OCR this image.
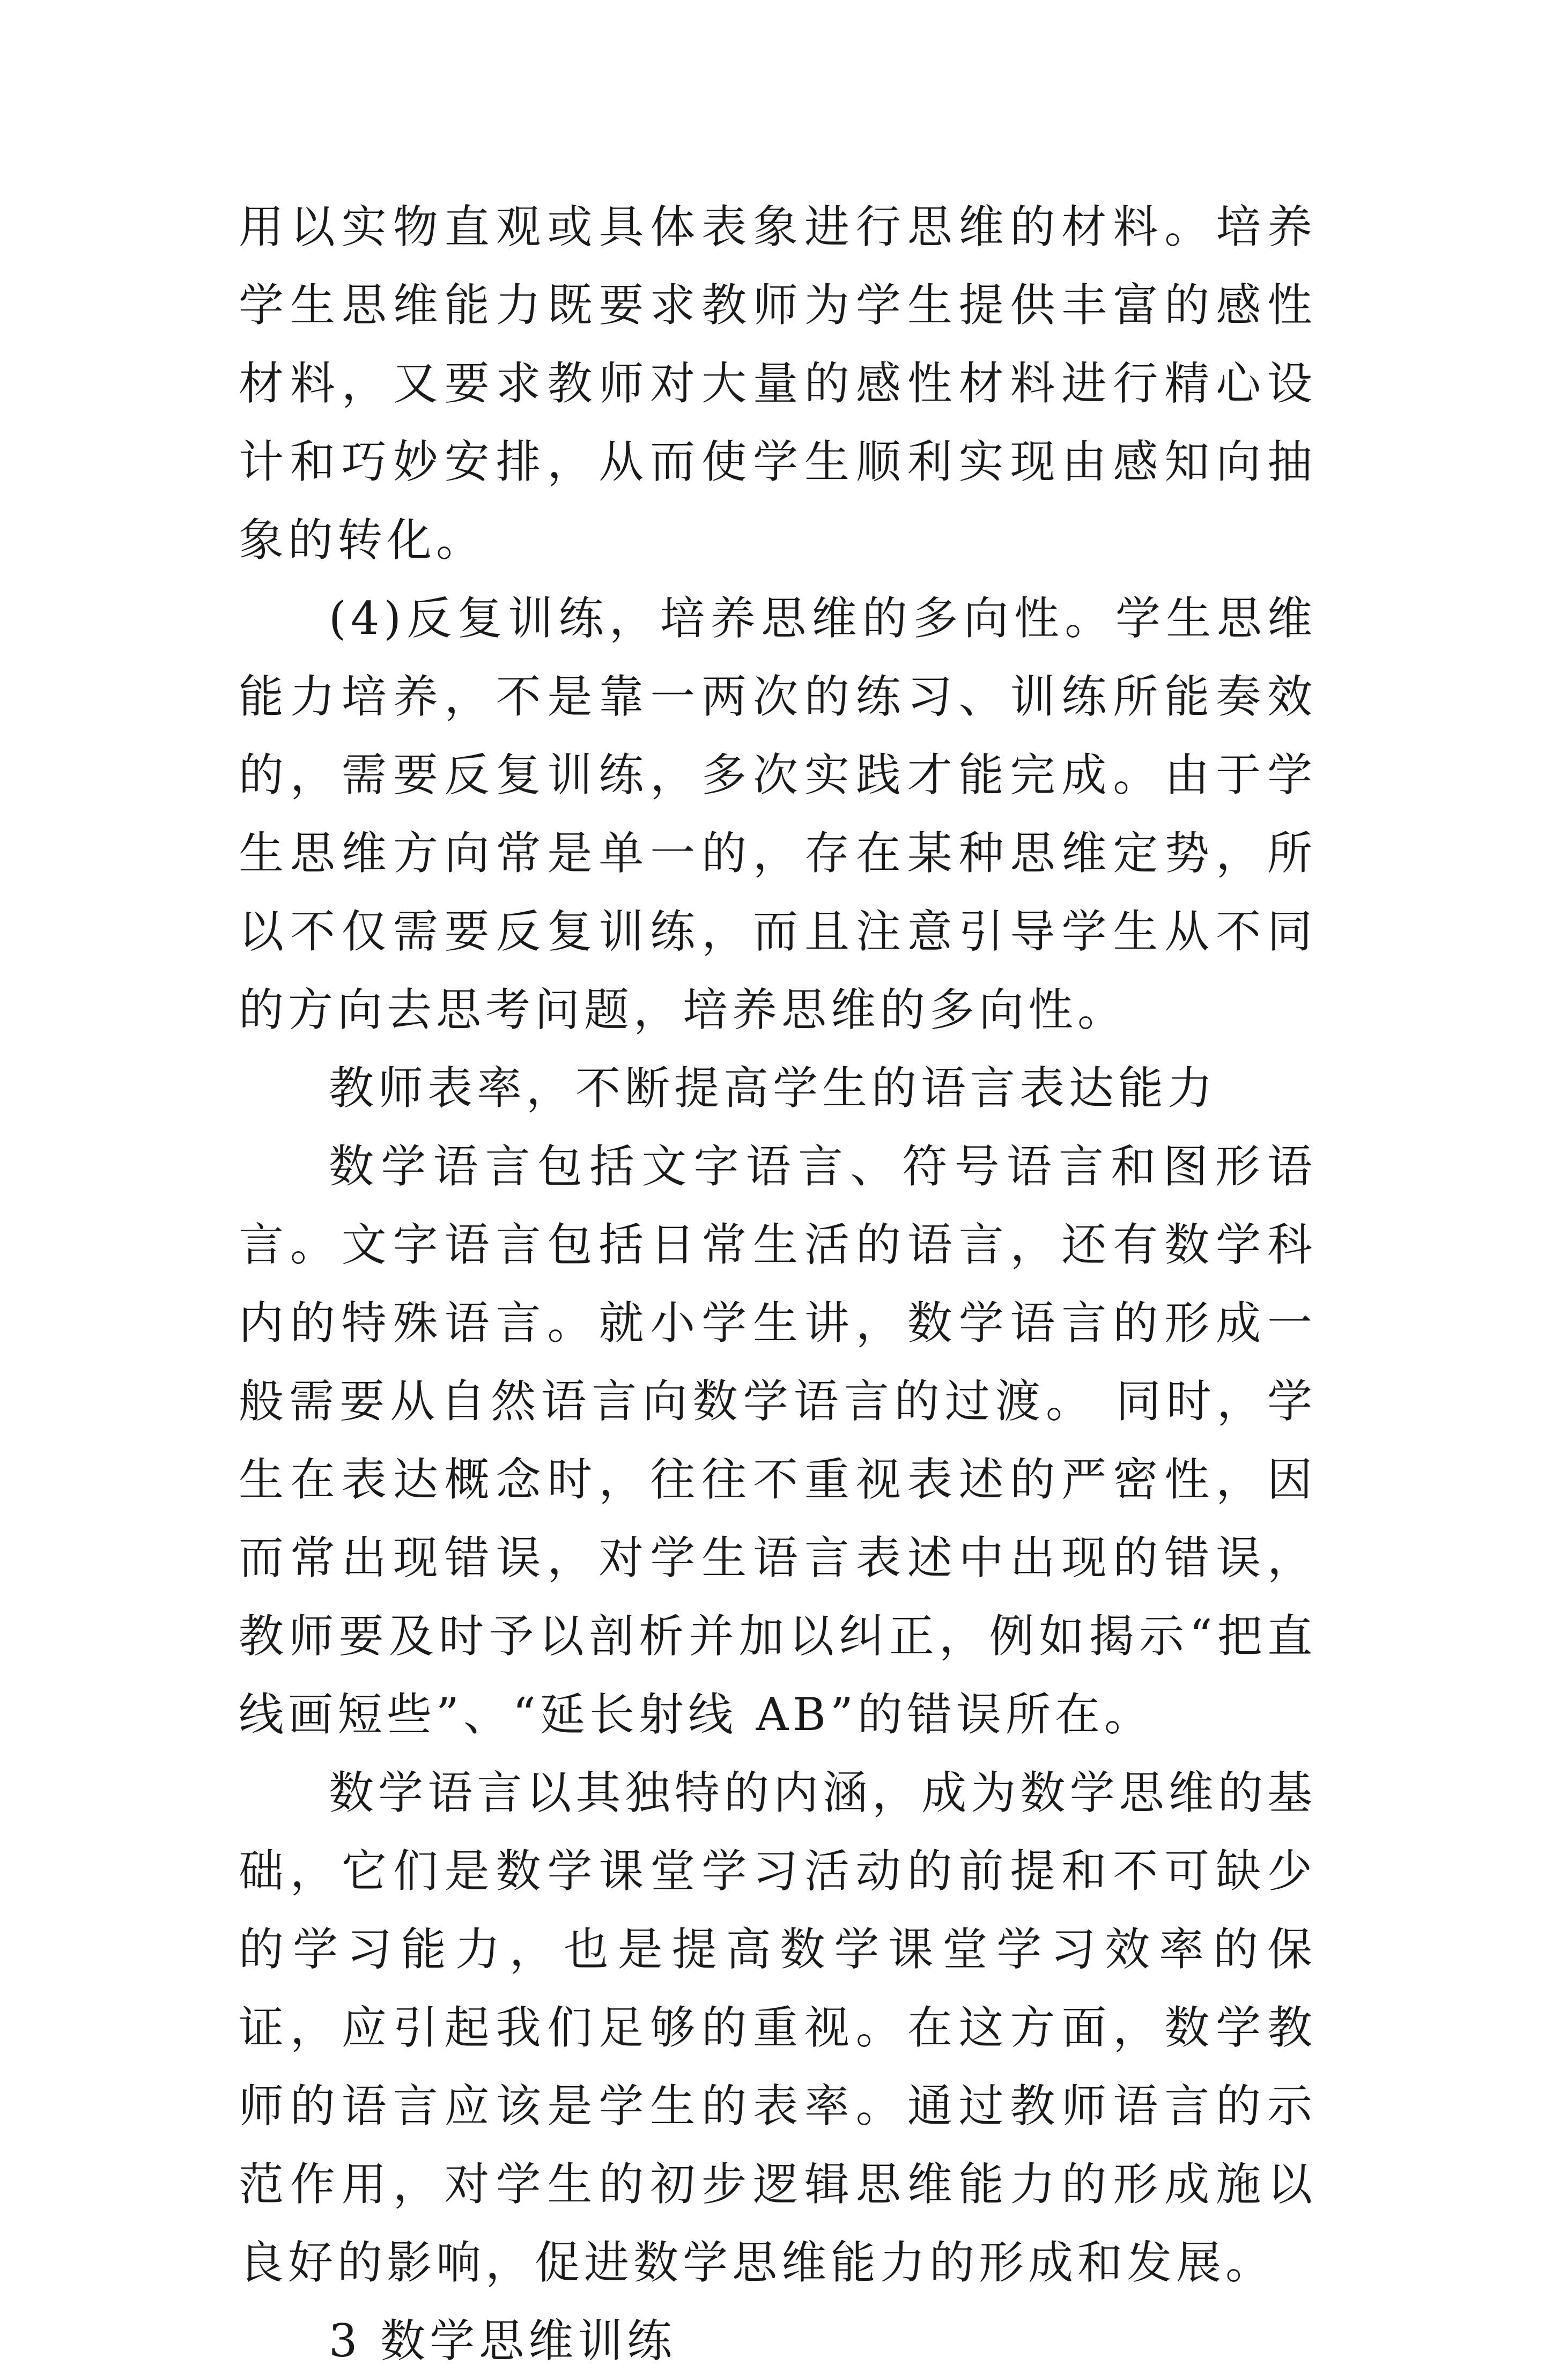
用以实物直观或具体表象进行思维的材料。培养学生思维能力既要求教师为学生提供丰富的感性材料，又要求教师对大量的感性材料进行精心设计和巧妙安排，从而使学生顺利实现由感知向抽象的转化。

(4)反复训练，培养思维的多向性。学生思维能力培养，不是靠一两次的练习、训练所能奏效的，需要反复训练，多次实践才能完成。由于学生思维方向常是单一的，存在某种思维定势，所以不仅需要反复训练，而且注意引导学生从不同的方向去思考问题，培养思维的多向性。

教师表率，不断提高学生的语言表达能力

数学语言包括文字语言、符号语言和图形语言。文字语言包括日常生活的语言，还有数学科内的特殊语言。就小学生讲，数学语言的形成一般需要从自然语言向数学语言的过渡。 同时，学生在表达概念时，往往不重视表述的严密性，因而常出现错误，对学生语言表述中出现的错误，教师要及时予以剖析并加以纠正，例如揭示“把直线画短些”、“延长射线 AB”的错误所在。

数学语言以其独特的内涵，成为数学思维的基础，它们是数学课堂学习活动的前提和不可缺少的学习能力，也是提高数学课堂学习效率的保证，应引起我们足够的重视。在这方面，数学教师的语言应该是学生的表率。通过教师语言的示范作用，对学生的初步逻辑思维能力的形成施以良好的影响，促进数学思维能力的形成和发展。

3 数学思维训练
